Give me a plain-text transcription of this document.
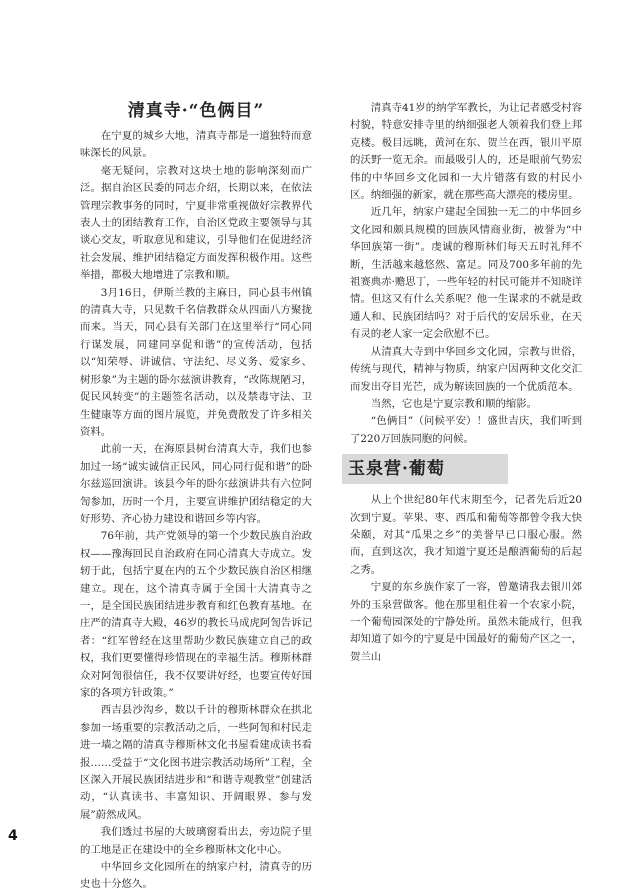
清真寺·“色俩目”

在宁夏的城乡大地，清真寺都是一道独特而意味深长的风景。

毫无疑问，宗教对这块土地的影响深刻而广泛。据自治区民委的同志介绍，长期以来，在依法管理宗教事务的同时，宁夏非常重视做好宗教界代表人士的团结教育工作，自治区党政主要领导与其谈心交友，听取意见和建议，引导他们在促进经济社会发展、维护团结稳定方面发挥积极作用。这些举措，都极大地增进了宗教和顺。

3月16日，伊斯兰教的主麻日，同心县韦州镇的清真大寺，只见数千名信教群众从四面八方聚拢而来。当天，同心县有关部门在这里举行“同心同行谋发展，同建同享促和谐”的宣传活动，包括以“知荣辱、讲诚信、守法纪、尽义务、爱家乡、树形象”为主题的卧尔兹演讲教育，“改陈规陋习，促民风转变”的主题签名活动，以及禁毒守法、卫生健康等方面的图片展览，并免费散发了许多相关资料。

此前一天，在海原县树台清真大寺，我们也参加过一场“诚实诚信正民风，同心同行促和谐”的卧尔兹巡回演讲。该县今年的卧尔兹演讲共有六位阿訇参加，历时一个月，主要宣讲维护团结稳定的大好形势、齐心协力建设和谐回乡等内容。

76年前，共产党领导的第一个少数民族自治政权——豫海回民自治政府在同心清真大寺成立。发轫于此，包括宁夏在内的五个少数民族自治区相继建立。现在，这个清真寺属于全国十大清真寺之一，是全国民族团结进步教育和红色教育基地。在庄严的清真寺大殿，46岁的教长马成虎阿訇告诉记者：“红军曾经在这里帮助少数民族建立自己的政权，我们更要懂得珍惜现在的幸福生活。穆斯林群众对阿訇很信任，我不仅要讲好经，也要宣传好国家的各项方针政策。”

西吉县沙沟乡，数以千计的穆斯林群众在拱北参加一场重要的宗教活动之后，一些阿訇和村民走进一墙之隔的清真寺穆斯林文化书屋看建成读书看报……受益于“文化图书进宗教活动场所”工程，全区深入开展民族团结进步和“和谐寺观教堂”创建活动，“认真读书、丰富知识、开阔眼界、参与发展”蔚然成风。

我们透过书屋的大玻璃窗看出去，旁边院子里的工地是正在建设中的全乡穆斯林文化中心。

中华回乡文化园所在的纳家户村，清真寺的历史也十分悠久。

清真寺41岁的纳学军教长，为让记者感受村容村貌，特意安排寺里的纳细强老人领着我们登上邦克楼。极目远眺，黄河在东、贺兰在西，银川平原的沃野一览无余。而最吸引人的，还是眼前气势宏伟的中华回乡文化园和一大片错落有致的村民小区。纳细强的新家，就在那些高大漂亮的楼房里。

近几年，纳家户建起全国独一无二的中华回乡文化园和颇具规模的回族风情商业街，被誉为“中华回族第一街”。虔诚的穆斯林们每天五时礼拜不断，生活越来越悠然、富足。同及700多年前的先祖赛典赤·赡思丁，一些年轻的村民可能并不知晓详情。但这又有什么关系呢？他一生谋求的不就是政通人和、民族团结吗？对于后代的安居乐业，在天有灵的老人家一定会欣慰不已。

从清真大寺到中华回乡文化园，宗教与世俗，传统与现代，精神与物质，纳家户因两种文化交汇而发出夺目光芒，成为解读回族的一个优质范本。

当然，它也是宁夏宗教和顺的缩影。

“色俩目”（问候平安）！盛世吉庆，我们听到了220万回族同胞的问候。

玉泉营·葡萄

从上个世纪80年代末期至今，记者先后近20次到宁夏。苹果、枣、西瓜和葡萄等都曾令我大快朵颐，对其“瓜果之乡”的美誉早已口服心服。然而，直到这次，我才知道宁夏还是酿酒葡萄的后起之秀。

宁夏的东乡族作家了一容，曾邀请我去银川郊外的玉泉营做客。他在那里租住着一个农家小院，一个葡萄园深处的宁静处所。虽然未能成行，但我却知道了如今的宁夏是中国最好的葡萄产区之一，贺兰山

4
